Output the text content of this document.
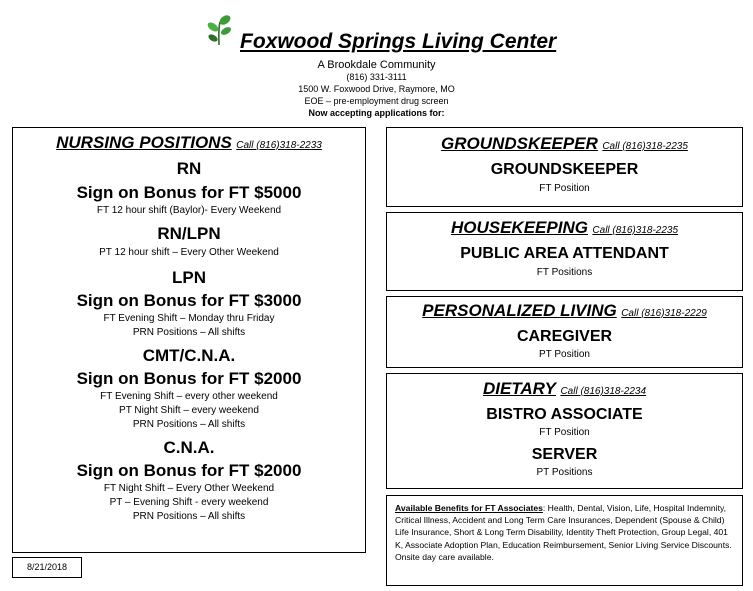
Foxwood Springs Living Center
A Brookdale Community
(816) 331-3111
1500 W. Foxwood Drive, Raymore, MO
EOE – pre-employment drug screen
Now accepting applications for:
NURSING POSITIONS Call (816)318-2233
RN
Sign on Bonus for FT $5000
FT 12 hour shift (Baylor)- Every Weekend
RN/LPN
PT 12 hour shift – Every Other Weekend
LPN
Sign on Bonus for FT $3000
FT Evening Shift – Monday thru Friday
PRN Positions – All shifts
CMT/C.N.A.
Sign on Bonus for FT $2000
FT Evening Shift – every other weekend
PT Night Shift – every weekend
PRN Positions – All shifts
C.N.A.
Sign on Bonus for FT $2000
FT Night Shift – Every Other Weekend
PT – Evening Shift - every weekend
PRN Positions – All shifts
GROUNDSKEEPER Call (816)318-2235
GROUNDSKEEPER
FT Position
HOUSEKEEPING Call (816)318-2235
PUBLIC AREA ATTENDANT
FT Positions
PERSONALIZED LIVING Call (816)318-2229
CAREGIVER
PT Position
DIETARY Call (816)318-2234
BISTRO ASSOCIATE
FT Position
SERVER
PT Positions
Available Benefits for FT Associates: Health, Dental, Vision, Life, Hospital Indemnity, Critical Illness, Accident and Long Term Care Insurances, Dependent (Spouse & Child) Life Insurance, Short & Long Term Disability, Identity Theft Protection, Group Legal, 401 K, Associate Adoption Plan, Education Reimbursement, Senior Living Service Discounts. Onsite day care available.
8/21/2018
